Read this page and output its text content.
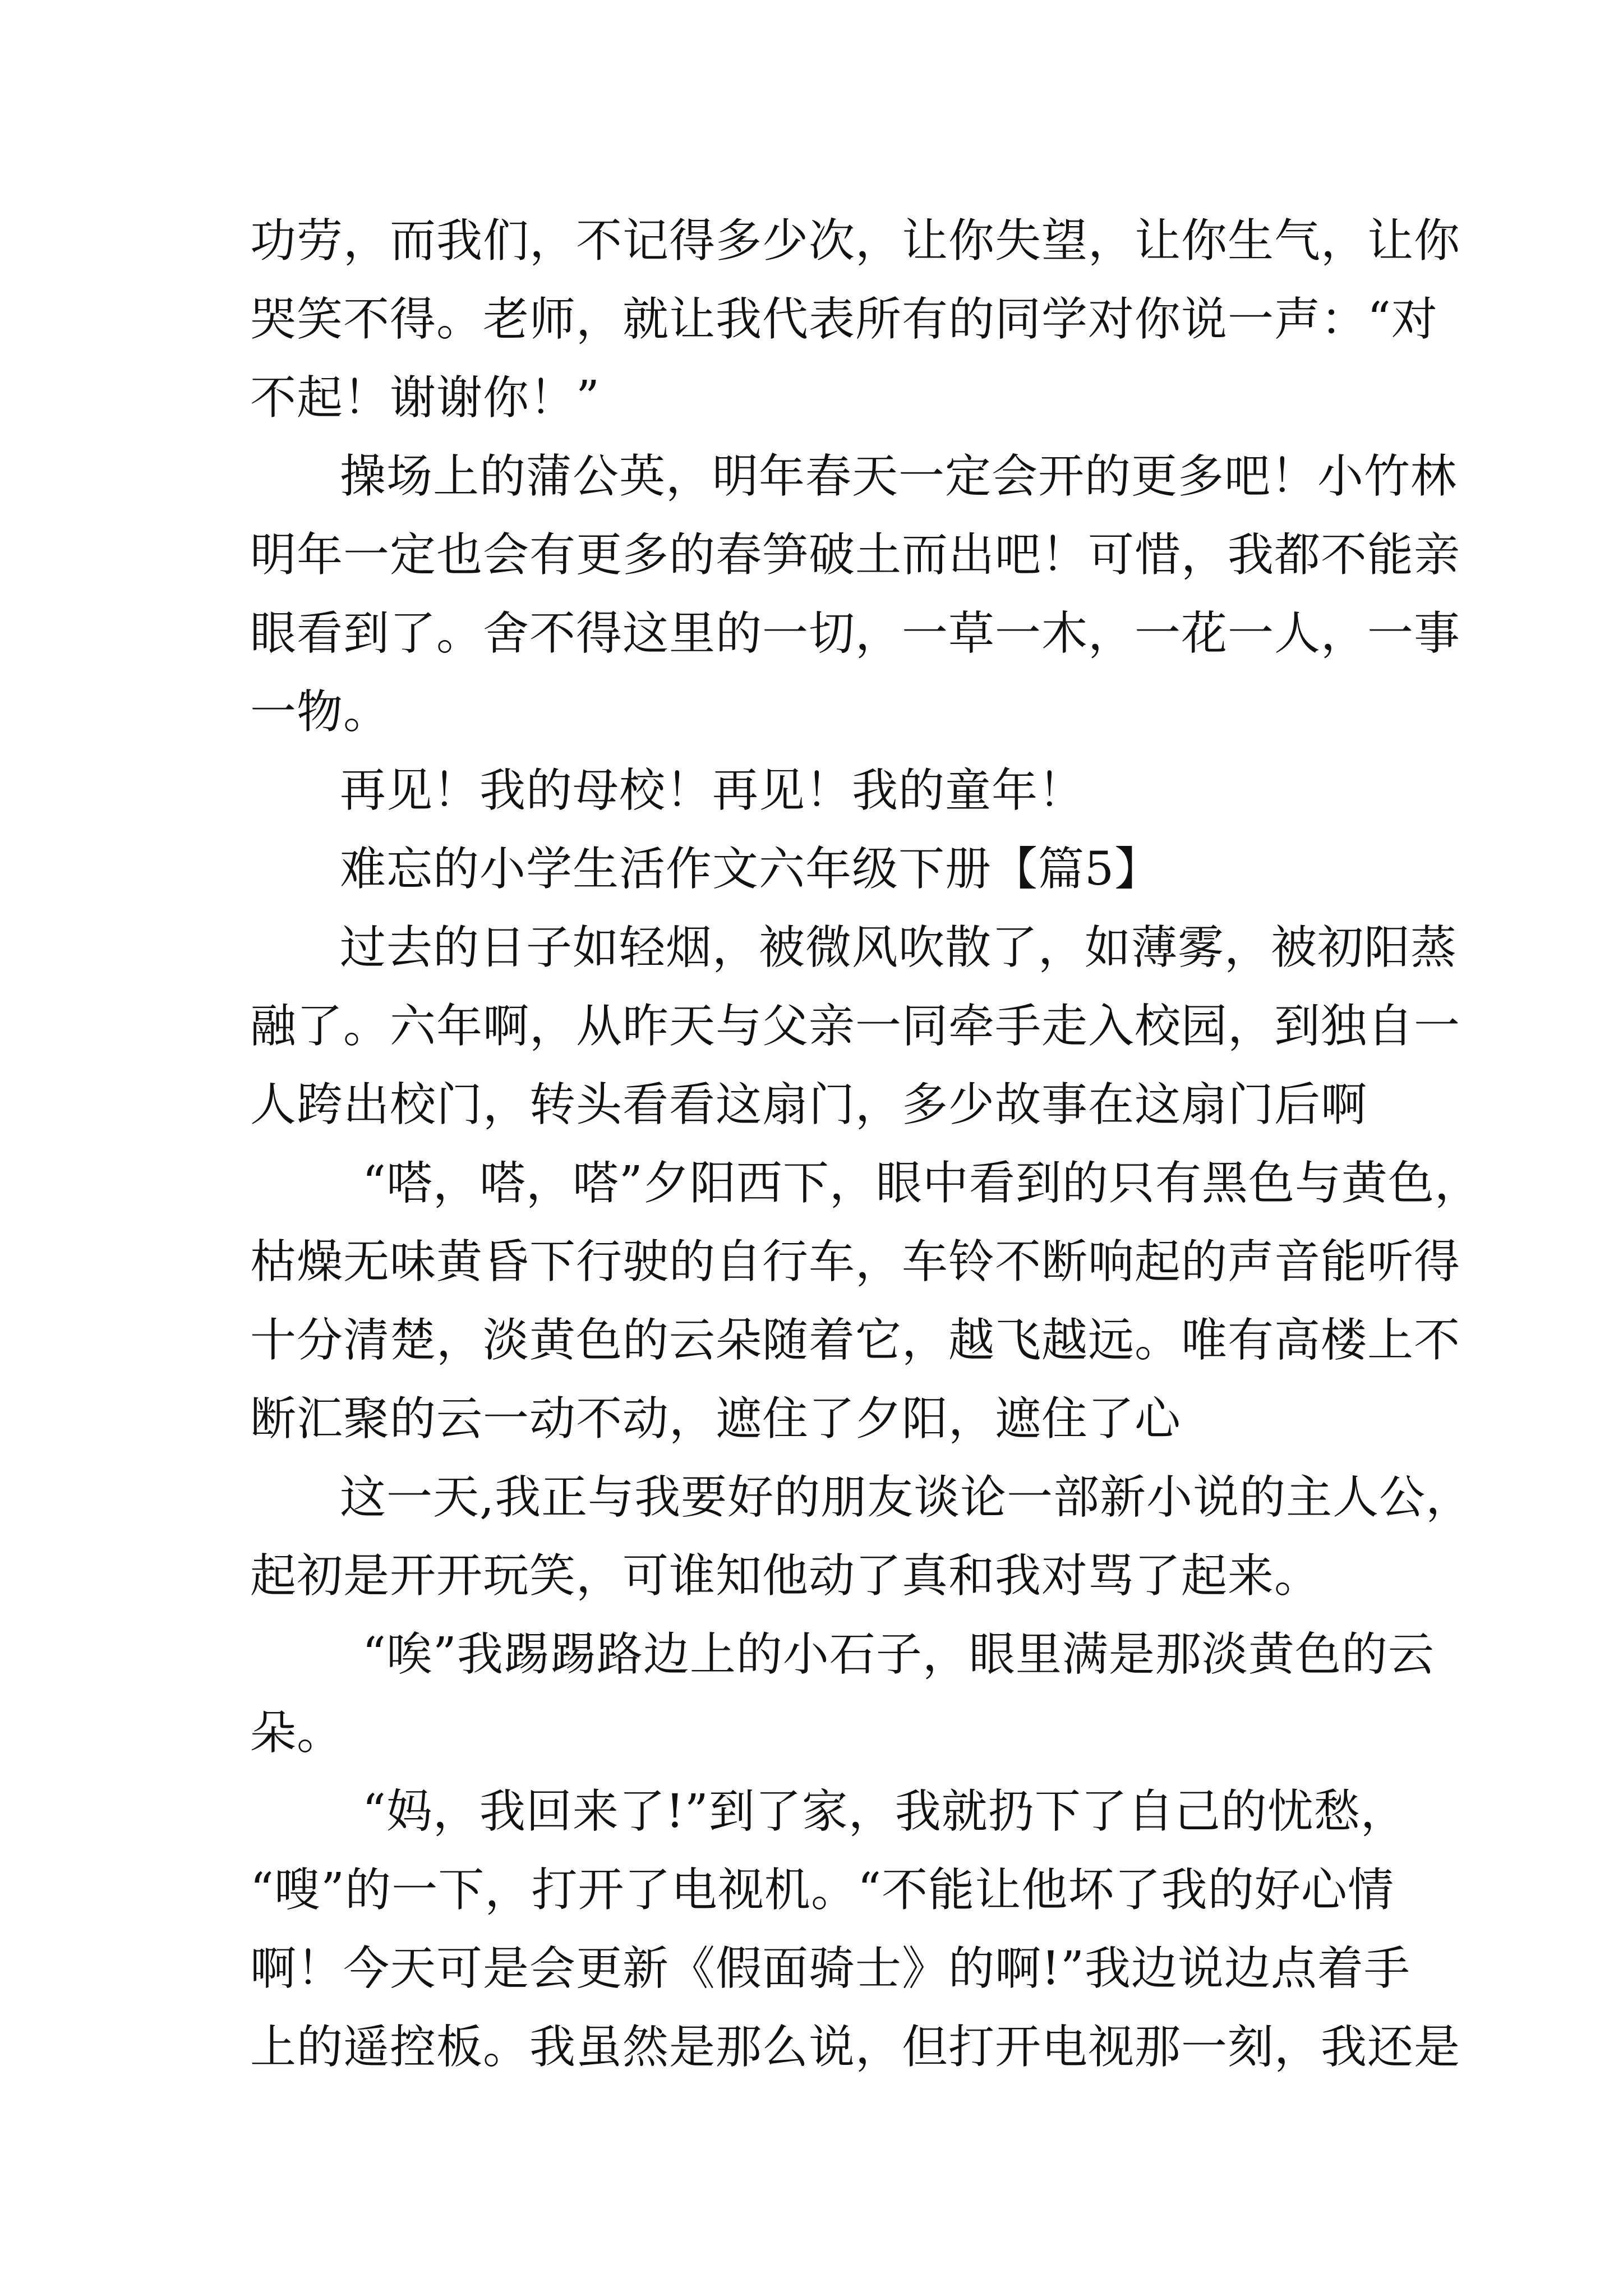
功劳，而我们，不记得多少次，让你失望，让你生气，让你
哭笑不得。老师，就让我代表所有的同学对你说一声：“对
不起！谢谢你！”
操场上的蒲公英，明年春天一定会开的更多吧！小竹林
明年一定也会有更多的春笋破土而出吧！可惜，我都不能亲
眼看到了。舍不得这里的一切，一草一木，一花一人，一事
一物。
再见！我的母校！再见！我的童年！
难忘的小学生活作文六年级下册【篇5】
过去的日子如轻烟，被微风吹散了，如薄雾，被初阳蒸
融了。六年啊，从昨天与父亲一同牵手走入校园，到独自一
人跨出校门，转头看看这扇门，多少故事在这扇门后啊
“嗒，嗒，嗒”夕阳西下，眼中看到的只有黑色与黄色，
枯燥无味黄昏下行驶的自行车，车铃不断响起的声音能听得
十分清楚，淡黄色的云朵随着它，越飞越远。唯有高楼上不
断汇聚的云一动不动，遮住了夕阳，遮住了心
这一天,我正与我要好的朋友谈论一部新小说的主人公，
起初是开开玩笑，可谁知他动了真和我对骂了起来。
“唉”我踢踢路边上的小石子，眼里满是那淡黄色的云
朵。
“妈，我回来了!”到了家，我就扔下了自己的忧愁，
“嗖”的一下，打开了电视机。“不能让他坏了我的好心情
啊！今天可是会更新《假面骑士》的啊!”我边说边点着手
上的遥控板。我虽然是那么说，但打开电视那一刻，我还是
